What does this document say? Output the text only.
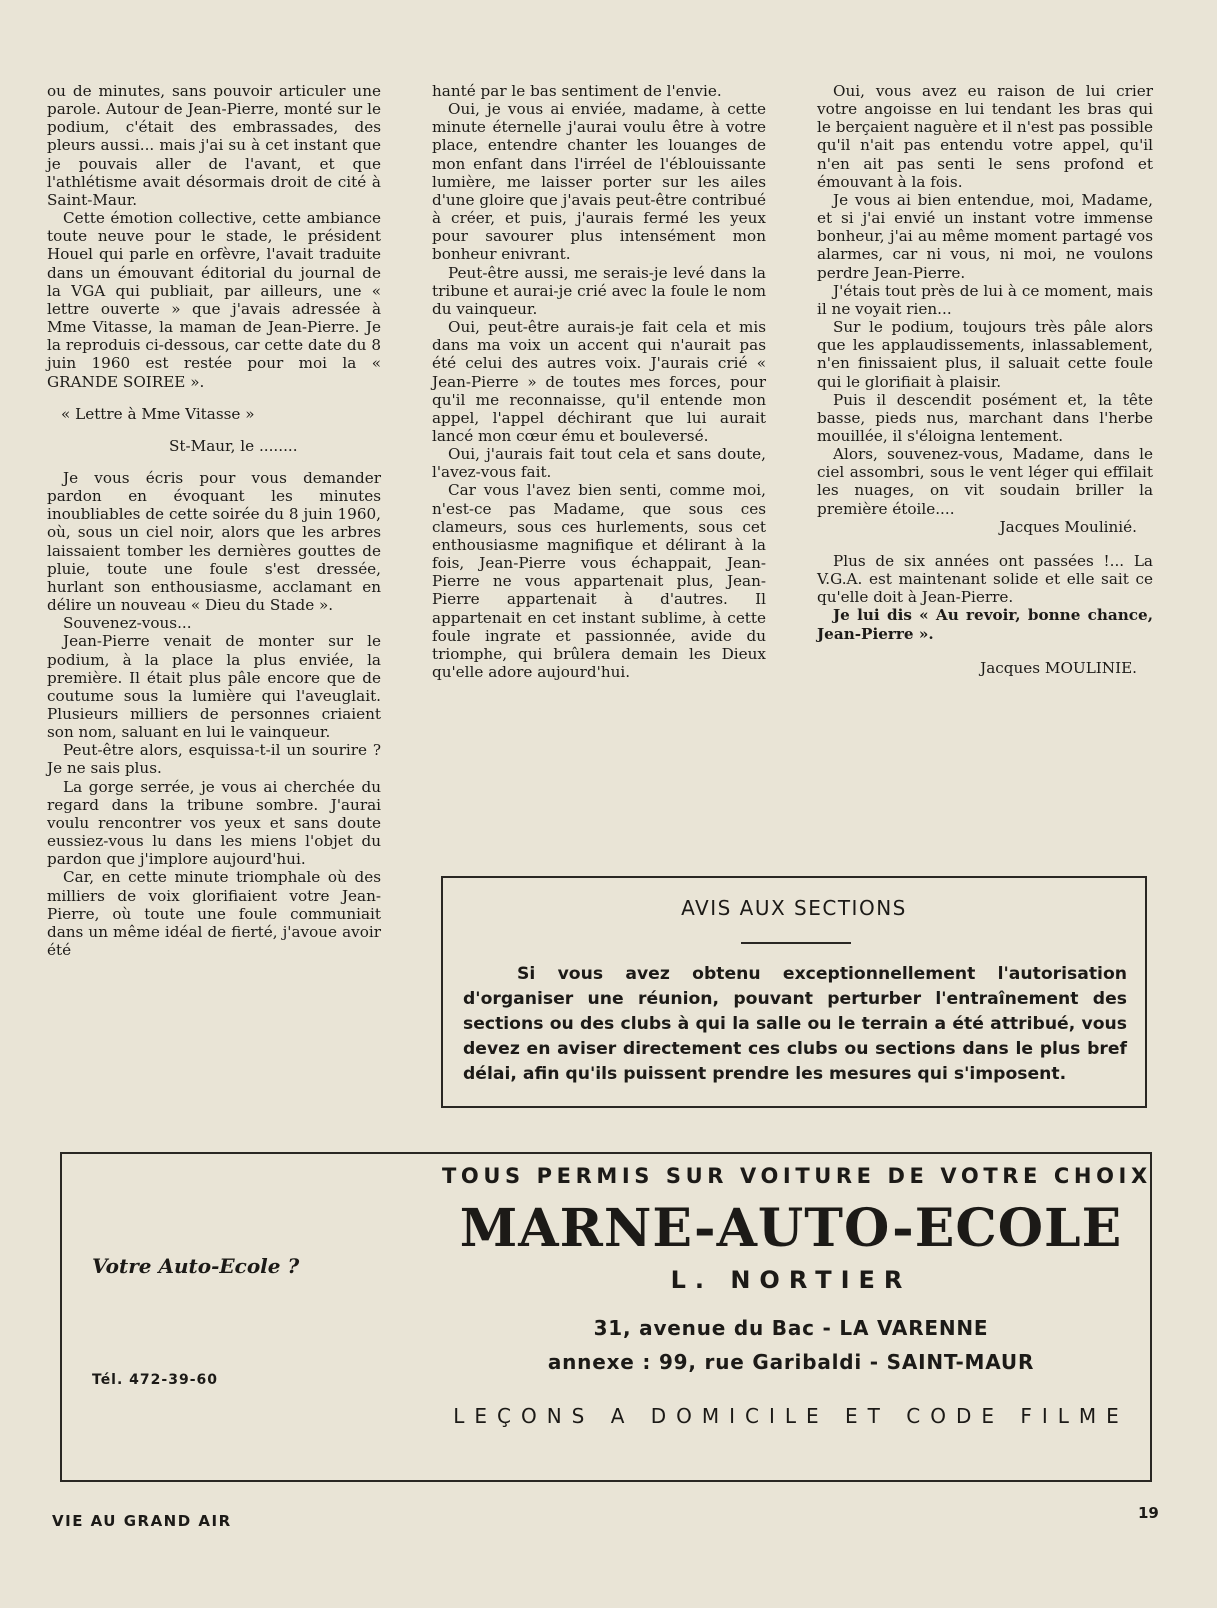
ou de minutes, sans pouvoir articuler une parole. Autour de Jean-Pierre, monté sur le podium, c'était des embrassades, des pleurs aussi... mais j'ai su à cet instant que je pouvais aller de l'avant, et que l'athlétisme avait désormais droit de cité à Saint-Maur.

Cette émotion collective, cette ambiance toute neuve pour le stade, le président Houel qui parle en orfèvre, l'avait traduite dans un émouvant éditorial du journal de la VGA qui publiait, par ailleurs, une « lettre ouverte » que j'avais adressée à Mme Vitasse, la maman de Jean-Pierre. Je la reproduis ci-dessous, car cette date du 8 juin 1960 est restée pour moi la « GRANDE SOIREE ».

« Lettre à Mme Vitasse »

St-Maur, le ........

Je vous écris pour vous demander pardon en évoquant les minutes inoubliables de cette soirée du 8 juin 1960, où, sous un ciel noir, alors que les arbres laissaient tomber les dernières gouttes de pluie, toute une foule s'est dressée, hurlant son enthousiasme, acclamant en délire un nouveau « Dieu du Stade ».

Souvenez-vous...

Jean-Pierre venait de monter sur le podium, à la place la plus enviée, la première. Il était plus pâle encore que de coutume sous la lumière qui l'aveuglait. Plusieurs milliers de personnes criaient son nom, saluant en lui le vainqueur.

Peut-être alors, esquissa-t-il un sourire ? Je ne sais plus.

La gorge serrée, je vous ai cherchée du regard dans la tribune sombre. J'aurai voulu rencontrer vos yeux et sans doute eussiez-vous lu dans les miens l'objet du pardon que j'implore aujourd'hui.

Car, en cette minute triomphale où des milliers de voix glorifiaient votre Jean-Pierre, où toute une foule communiait dans un même idéal de fierté, j'avoue avoir été

hanté par le bas sentiment de l'envie.

Oui, je vous ai enviée, madame, à cette minute éternelle j'aurai voulu être à votre place, entendre chanter les louanges de mon enfant dans l'irréel de l'éblouissante lumière, me laisser porter sur les ailes d'une gloire que j'avais peut-être contribué à créer, et puis, j'aurais fermé les yeux pour savourer plus intensément mon bonheur enivrant.

Peut-être aussi, me serais-je levé dans la tribune et aurai-je crié avec la foule le nom du vainqueur.

Oui, peut-être aurais-je fait cela et mis dans ma voix un accent qui n'aurait pas été celui des autres voix. J'aurais crié « Jean-Pierre » de toutes mes forces, pour qu'il me reconnaisse, qu'il entende mon appel, l'appel déchirant que lui aurait lancé mon cœur ému et bouleversé.

Oui, j'aurais fait tout cela et sans doute, l'avez-vous fait.

Car vous l'avez bien senti, comme moi, n'est-ce pas Madame, que sous ces clameurs, sous ces hurlements, sous cet enthousiasme magnifique et délirant à la fois, Jean-Pierre vous échappait, Jean-Pierre ne vous appartenait plus, Jean-Pierre appartenait à d'autres. Il appartenait en cet instant sublime, à cette foule ingrate et passionnée, avide du triomphe, qui brûlera demain les Dieux qu'elle adore aujourd'hui.

Oui, vous avez eu raison de lui crier votre angoisse en lui tendant les bras qui le berçaient naguère et il n'est pas possible qu'il n'ait pas entendu votre appel, qu'il n'en ait pas senti le sens profond et émouvant à la fois.

Je vous ai bien entendue, moi, Madame, et si j'ai envié un instant votre immense bonheur, j'ai au même moment partagé vos alarmes, car ni vous, ni moi, ne voulons perdre Jean-Pierre.

J'étais tout près de lui à ce moment, mais il ne voyait rien...

Sur le podium, toujours très pâle alors que les applaudissements, inlassablement, n'en finissaient plus, il saluait cette foule qui le glorifiait à plaisir.

Puis il descendit posément et, la tête basse, pieds nus, marchant dans l'herbe mouillée, il s'éloigna lentement.

Alors, souvenez-vous, Madame, dans le ciel assombri, sous le vent léger qui effilait les nuages, on vit soudain briller la première étoile....

Jacques Moulinié.

Plus de six années ont passées !... La V.G.A. est maintenant solide et elle sait ce qu'elle doit à Jean-Pierre.

Je lui dis « Au revoir, bonne chance, Jean-Pierre ».

Jacques MOULINIE.

AVIS AUX SECTIONS
Si vous avez obtenu exceptionnellement l'autorisation d'organiser une réunion, pouvant perturber l'entraînement des sections ou des clubs à qui la salle ou le terrain a été attribué, vous devez en aviser directement ces clubs ou sections dans le plus bref délai, afin qu'ils puissent prendre les mesures qui s'imposent.
Votre Auto-Ecole ?
Tél. 472-39-60
TOUS PERMIS SUR VOITURE DE VOTRE CHOIX
MARNE-AUTO-ECOLE
L. NORTIER
31, avenue du Bac - LA VARENNE
annexe : 99, rue Garibaldi - SAINT-MAUR
LEÇONS A DOMICILE ET CODE FILME
VIE AU GRAND AIR	19
